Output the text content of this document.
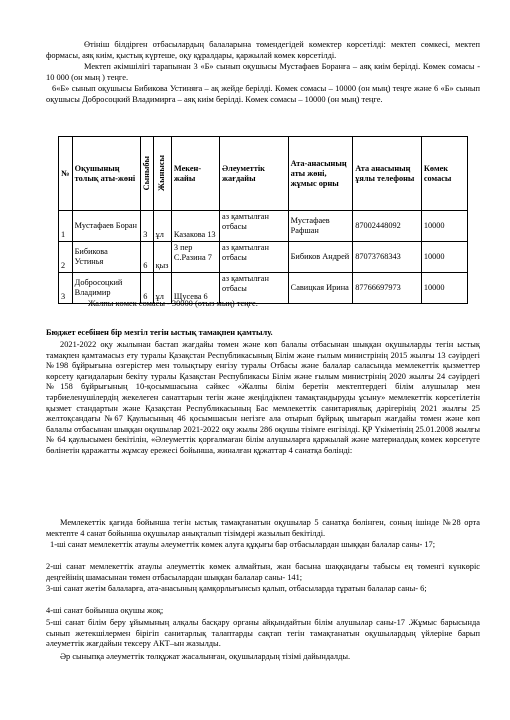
Өтініш білдірген отбасылардың балаларына төмендегідей көмектер көрсетілді: мектеп сөмкесі, мектеп формасы, аяқ киім, қыстық күртеше, оқу құралдары, қаржылай көмек көрсетілді.
Мектеп әкімшілігі тарапынан 3 «Б» сынып оқушысы Мустафаев Боранға – аяқ киім берілді. Көмек сомасы - 10 000 (он мың ) теңге.
6«Б» сынып оқушысы Бибикова Устиняға – ақ жейде берілді. Көмек сомасы – 10000 (он мың) теңге және 6 «Б» сынып оқушысы Добросоцкий Владимирға – аяқ киім берілді. Көмек сомасы – 10000 (он мың) теңге.
№	Оқушының толық аты-жөні	Сыныбы	Жынысы	Мекен-жайы	Әлеуметтік жағдайы	Ата-анасының аты жөні, жұмыс орны	Ата анасының ұялы телефоны	Көмек сомасы
1	Мустафаев Боран	3	ұл	Казакова 13	аз қамтылған отбасы	Мустафаев Рафшан	87002448092	10000
2	Бибикова Устинья	6	қыз	3 пер С.Разина 7	аз қамтылған отбасы	Бибиков Андрей	87073768343	10000
3	Добросоцкий Владимир	6	ұл	Щусева 6	аз қамтылған отбасы	Савицкая Ирина	87766697973	10000
Жалпы көмек сомасы - 30000 (отыз мың) теңге.
Бюджет есебінен бір мезгіл тегін ыстық тамақпен қамтылу.
2021-2022 оқу жылынан бастап жағдайы төмен және көп балалы отбасынан шыққан оқушыларды тегін ыстық тамақпен қамтамасыз ету туралы Қазақстан Республикасының Білім және ғылым министрінің 2015 жылғы 13 сәуірдегі №198 бұйрығына өзгерістер мен толықтыру енгізу туралы Отбасы және балалар саласында мемлекеттік қызметтер көрсету қағидаларын бекіту туралы Қазақстан Республикасы Білім және ғылым министрінің 2020 жылғы 24 сәуірдегі №158 бұйрығының 10-қосымшасына сәйкес «Жалпы білім беретін мектептердегі білім алушылар мен тәрбиеленушілердің жекелеген санаттарын тегін және жеңілдікпен тамақтандыруды ұсыну» мемлекеттік көрсетілетін қызмет стандартын және Қазақстан Республикасының Бас мемлекеттік санитариялық дәрігерінің 2021 жылғы 25 желтоқсандағы №67 Қаулысының 46 қосымшасын негізге ала отырып бұйрық шығарып жағдайы төмен және көп балалы отбасынан шыққан оқушылар 2021-2022 оқу жылы 286 оқушы тізімге енгізілді. ҚР Үкіметінің 25.01.2008 жылғы № 64 қаулысымен бекітілін, «Әлеуметтік қорғалмаған білім алушыларға қаржылай және материалдық көмек көрсетуге бөлінетін қаражатты жұмсау ережесі бойынша, жиналған құжаттар 4 санатқа бөлінді:
Мемлекеттік қағида бойынша тегін ыстық тамақтанатын оқушылар 5 санатқа бөлінген, соның ішінде №28 орта мектепте 4 санат бойынша оқушылар анықталып тізімдері жазылып бекітілді.
1-ші санат мемлекеттік атаулы әлеуметтік көмек алуға құқығы бар отбасылардан шыққан балалар саны- 17;
2-ші санат мемлекеттік атаулы әлеуметтік көмек алмайтын, жан басына шаққандағы табысы ең төменгі күнкөріс деңгейінің шамасынан төмен отбасылардан шыққан балалар саны- 141;
3-ші санат жетім балаларға, ата-анасының қамқорлығынсыз қалып, отбасыларда тұратын балалар саны- 6;
4-ші санат бойынша оқушы жоқ;
5-ші санат білім беру ұйымының алқалы басқару органы айқындайтын білім алушылар саны-17 .Жұмыс барысында сынып жетекшілермен бірігіп санитарлық талаптарды сақтап тегін тамақтанатын оқушылардың үйлеріне барып әлеуметтік жағдайын тексеру АКТ–ын жазылды.
Әр сыныпқа әлеуметтік төлқұжат жасалынған, оқушылардың тізімі дайындалды.
